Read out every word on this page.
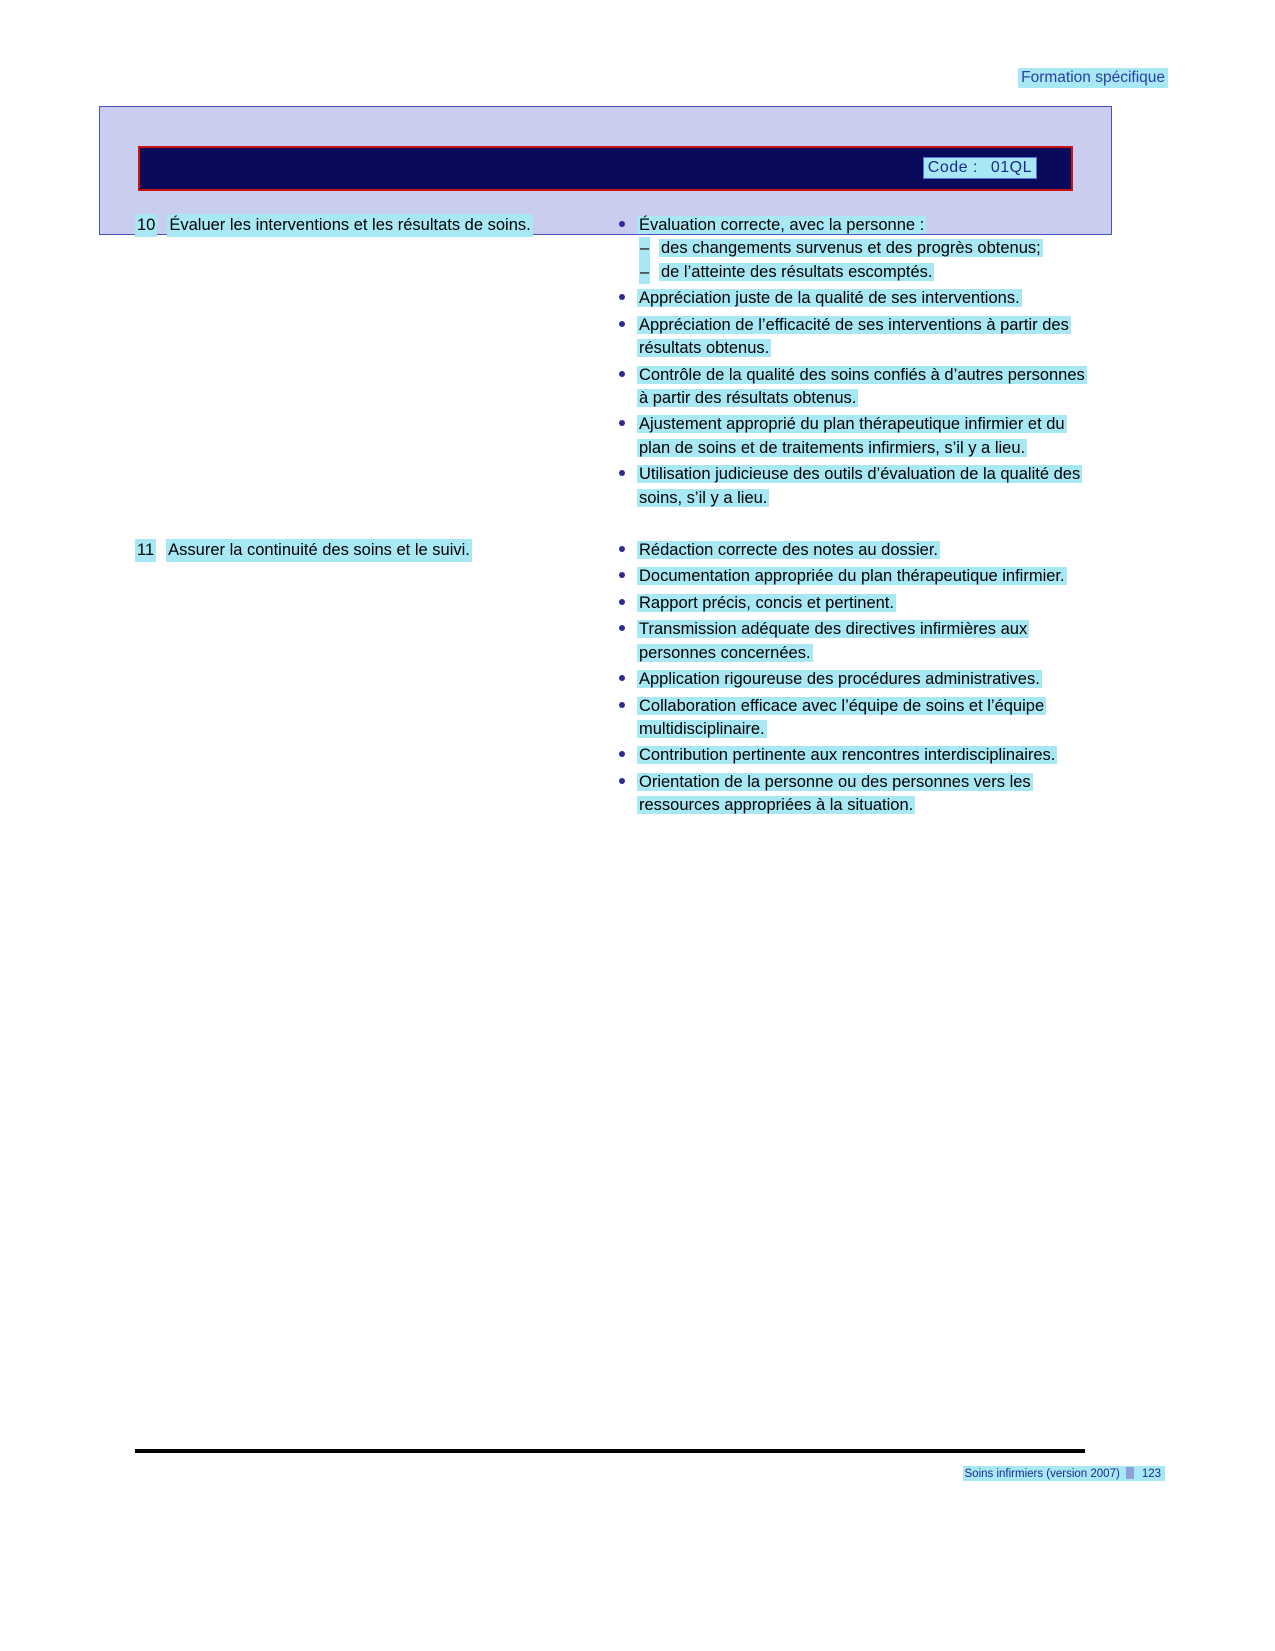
Formation spécifique
Code : 01QL
10 Évaluer les interventions et les résultats de soins.	Évaluation correcte, avec la personne :
– des changements survenus et des progrès obtenus;
– de l’atteinte des résultats escomptés.
Appréciation juste de la qualité de ses interventions.
Appréciation de l’efficacité de ses interventions à partir des résultats obtenus.
Contrôle de la qualité des soins confiés à d’autres personnes à partir des résultats obtenus.
Ajustement approprié du plan thérapeutique infirmier et du plan de soins et de traitements infirmiers, s’il y a lieu.
Utilisation judicieuse des outils d’évaluation de la qualité des soins, s’il y a lieu.
11 Assurer la continuité des soins et le suivi.	Rédaction correcte des notes au dossier.
Documentation appropriée du plan thérapeutique infirmier.
Rapport précis, concis et pertinent.
Transmission adéquate des directives infirmières aux personnes concernées.
Application rigoureuse des procédures administratives.
Collaboration efficace avec l’équipe de soins et l’équipe multidisciplinaire.
Contribution pertinente aux rencontres interdisciplinaires.
Orientation de la personne ou des personnes vers les ressources appropriées à la situation.
Soins infirmiers (version 2007) 123
